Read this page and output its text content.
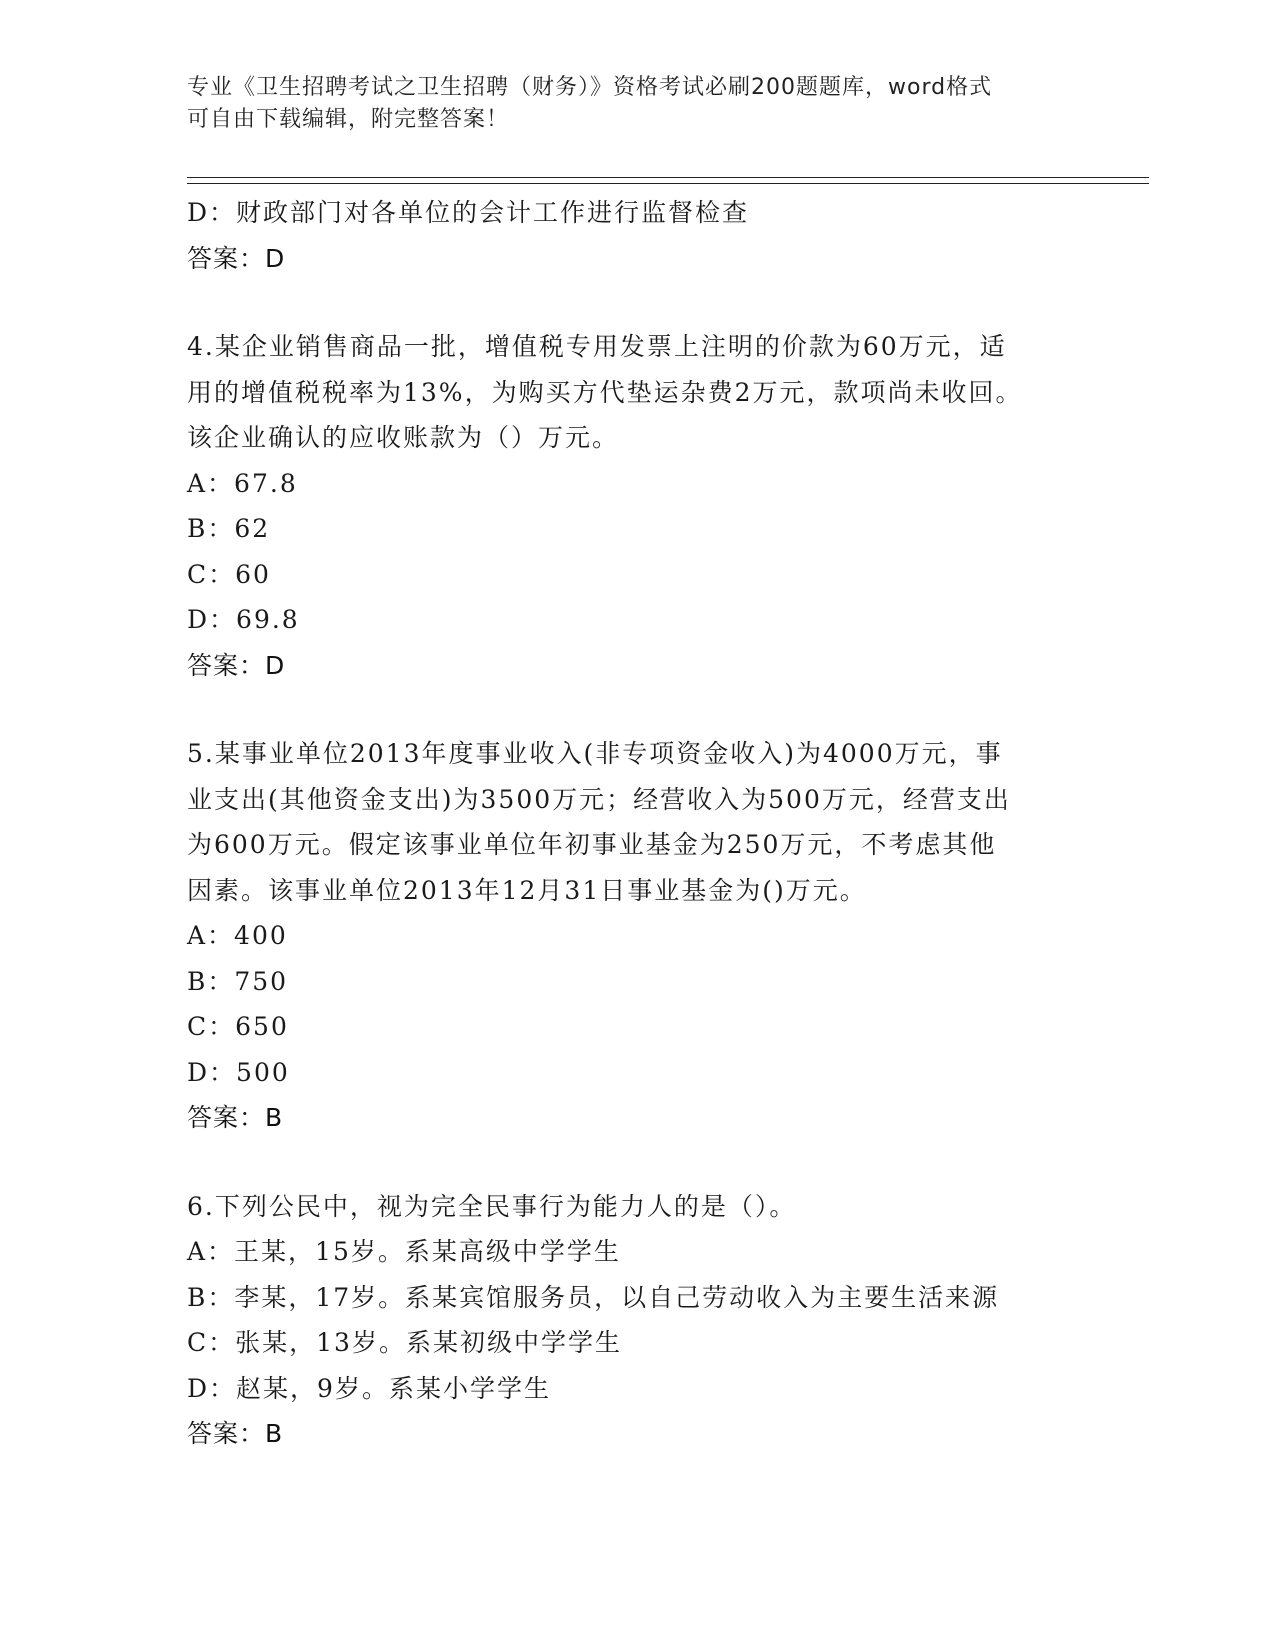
专业《卫生招聘考试之卫生招聘（财务）》资格考试必刷200题题库，word格式
可自由下载编辑，附完整答案！
D：财政部门对各单位的会计工作进行监督检查
答案：D
4.某企业销售商品一批，增值税专用发票上注明的价款为60万元，适
用的增值税税率为13%，为购买方代垫运杂费2万元，款项尚未收回。
该企业确认的应收账款为（）万元。
A：67.8
B：62
C：60
D：69.8
答案：D
5.某事业单位2013年度事业收入(非专项资金收入)为4000万元，事
业支出(其他资金支出)为3500万元；经营收入为500万元，经营支出
为600万元。假定该事业单位年初事业基金为250万元，不考虑其他
因素。该事业单位2013年12月31日事业基金为()万元。
A：400
B：750
C：650
D：500
答案：B
6.下列公民中，视为完全民事行为能力人的是（）。
A：王某，15岁。系某高级中学学生
B：李某，17岁。系某宾馆服务员，以自己劳动收入为主要生活来源
C：张某，13岁。系某初级中学学生
D：赵某，9岁。系某小学学生
答案：B
